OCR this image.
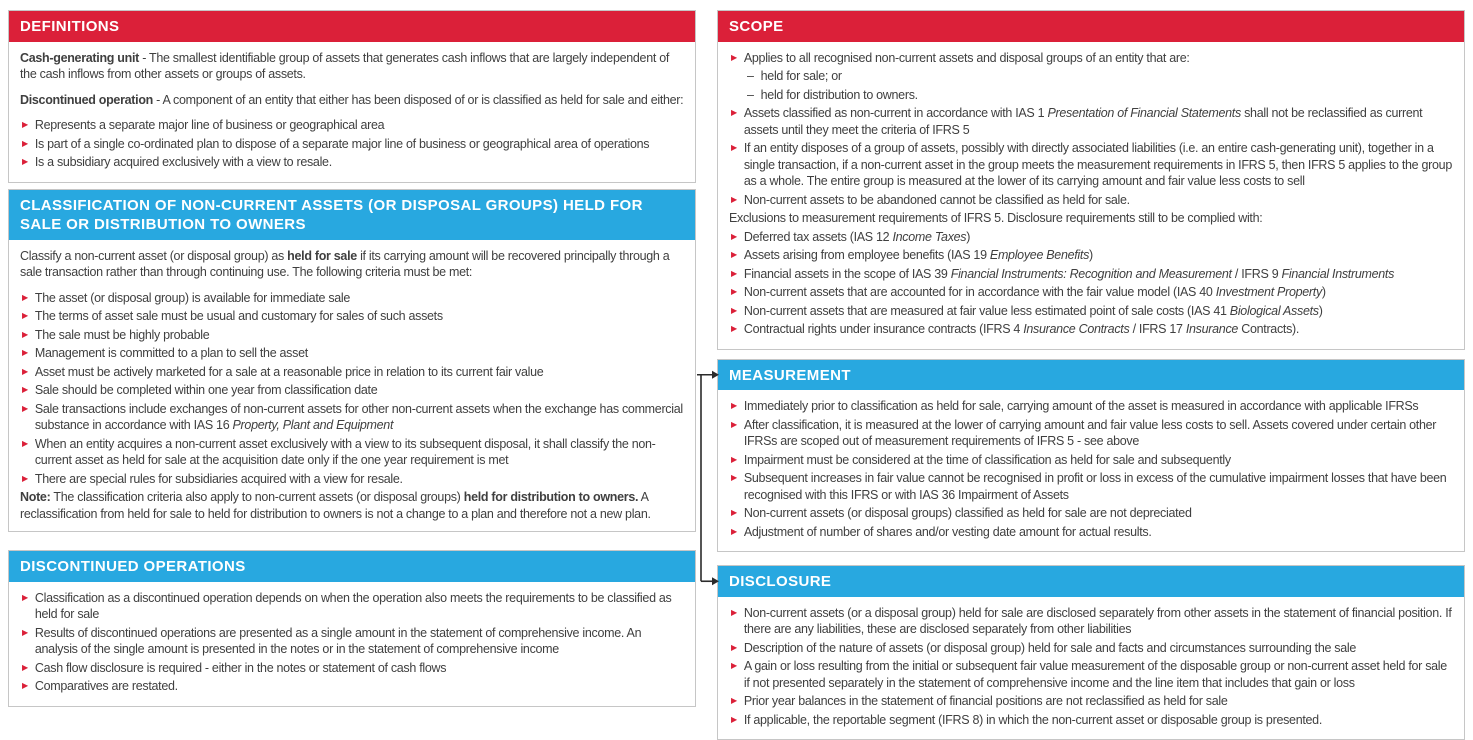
DEFINITIONS

Cash-generating unit - The smallest identifiable group of assets that generates cash inflows that are largely independent of the cash inflows from other assets or groups of assets.

Discontinued operation - A component of an entity that either has been disposed of or is classified as held for sale and either:

▶ Represents a separate major line of business or geographical area
▶ Is part of a single co-ordinated plan to dispose of a separate major line of business or geographical area of operations
▶ Is a subsidiary acquired exclusively with a view to resale.
CLASSIFICATION OF NON-CURRENT ASSETS (OR DISPOSAL GROUPS) HELD FOR SALE OR DISTRIBUTION TO OWNERS

Classify a non-current asset (or disposal group) as held for sale if its carrying amount will be recovered principally through a sale transaction rather than through continuing use. The following criteria must be met:

▶ The asset (or disposal group) is available for immediate sale
▶ The terms of asset sale must be usual and customary for sales of such assets
▶ The sale must be highly probable
▶ Management is committed to a plan to sell the asset
▶ Asset must be actively marketed for a sale at a reasonable price in relation to its current fair value
▶ Sale should be completed within one year from classification date
▶ Sale transactions include exchanges of non-current assets for other non-current assets when the exchange has commercial substance in accordance with IAS 16 Property, Plant and Equipment
▶ When an entity acquires a non-current asset exclusively with a view to its subsequent disposal, it shall classify the non-current asset as held for sale at the acquisition date only if the one year requirement is met
▶ There are special rules for subsidiaries acquired with a view for resale.

Note: The classification criteria also apply to non-current assets (or disposal groups) held for distribution to owners. A reclassification from held for sale to held for distribution to owners is not a change to a plan and therefore not a new plan.

DISCONTINUED OPERATIONS
▶ Classification as a discontinued operation depends on when the operation also meets the requirements to be classified as held for sale
▶ Results of discontinued operations are presented as a single amount in the statement of comprehensive income. An analysis of the single amount is presented in the notes or in the statement of comprehensive income
▶ Cash flow disclosure is required - either in the notes or statement of cash flows
▶ Comparatives are restated.
SCOPE
▶ Applies to all recognised non-current assets and disposal groups of an entity that are:
– held for sale; or
– held for distribution to owners.
▶ Assets classified as non-current in accordance with IAS 1 Presentation of Financial Statements shall not be reclassified as current assets until they meet the criteria of IFRS 5
▶ If an entity disposes of a group of assets, possibly with directly associated liabilities (i.e. an entire cash-generating unit), together in a single transaction, if a non-current asset in the group meets the measurement requirements in IFRS 5, then IFRS 5 applies to the group as a whole. The entire group is measured at the lower of its carrying amount and fair value less costs to sell
▶ Non-current assets to be abandoned cannot be classified as held for sale.
Exclusions to measurement requirements of IFRS 5. Disclosure requirements still to be complied with:
▶ Deferred tax assets (IAS 12 Income Taxes)
▶ Assets arising from employee benefits (IAS 19 Employee Benefits)
▶ Financial assets in the scope of IAS 39 Financial Instruments: Recognition and Measurement / IFRS 9 Financial Instruments
▶ Non-current assets that are accounted for in accordance with the fair value model (IAS 40 Investment Property)
▶ Non-current assets that are measured at fair value less estimated point of sale costs (IAS 41 Biological Assets)
▶ Contractual rights under insurance contracts (IFRS 4 Insurance Contracts / IFRS 17 Insurance Contracts).
MEASUREMENT
▶ Immediately prior to classification as held for sale, carrying amount of the asset is measured in accordance with applicable IFRSs
▶ After classification, it is measured at the lower of carrying amount and fair value less costs to sell. Assets covered under certain other IFRSs are scoped out of measurement requirements of IFRS 5 - see above
▶ Impairment must be considered at the time of classification as held for sale and subsequently
▶ Subsequent increases in fair value cannot be recognised in profit or loss in excess of the cumulative impairment losses that have been recognised with this IFRS or with IAS 36 Impairment of Assets
▶ Non-current assets (or disposal groups) classified as held for sale are not depreciated
▶ Adjustment of number of shares and/or vesting date amount for actual results.
DISCLOSURE
▶ Non-current assets (or a disposal group) held for sale are disclosed separately from other assets in the statement of financial position. If there are any liabilities, these are disclosed separately from other liabilities
▶ Description of the nature of assets (or disposal group) held for sale and facts and circumstances surrounding the sale
▶ A gain or loss resulting from the initial or subsequent fair value measurement of the disposable group or non-current asset held for sale if not presented separately in the statement of comprehensive income and the line item that includes that gain or loss
▶ Prior year balances in the statement of financial positions are not reclassified as held for sale
▶ If applicable, the reportable segment (IFRS 8) in which the non-current asset or disposable group is presented.
